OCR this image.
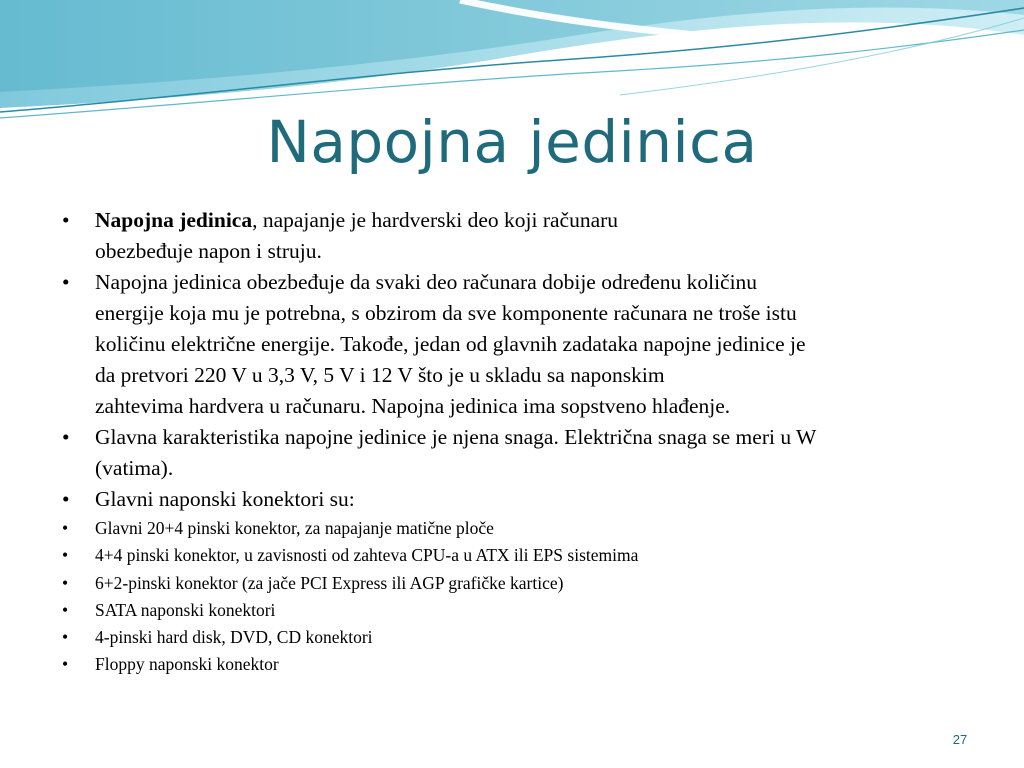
Napojna jedinica
• Napojna jedinica, napajanje je hardverski deo koji računaru
obezbeđuje napon i struju.
• Napojna jedinica obezbeđuje da svaki deo računara dobije određenu količinu
energije koja mu je potrebna, s obzirom da sve komponente računara ne troše istu
količinu električne energije. Takođe, jedan od glavnih zadataka napojne jedinice je
da pretvori 220 V u 3,3 V, 5 V i 12 V što je u skladu sa naponskim
zahtevima hardvera u računaru. Napojna jedinica ima sopstveno hlađenje.
• Glavna karakteristika napojne jedinice je njena snaga. Električna snaga se meri u W
(vatima).
• Glavni naponski konektori su:
• Glavni 20+4 pinski konektor, za napajanje matične ploče
• 4+4 pinski konektor, u zavisnosti od zahteva CPU-a u ATX ili EPS sistemima
• 6+2-pinski konektor (za jače PCI Express ili AGP grafičke kartice)
• SATA naponski konektori
• 4-pinski hard disk, DVD, CD konektori
• Floppy naponski konektor
27
